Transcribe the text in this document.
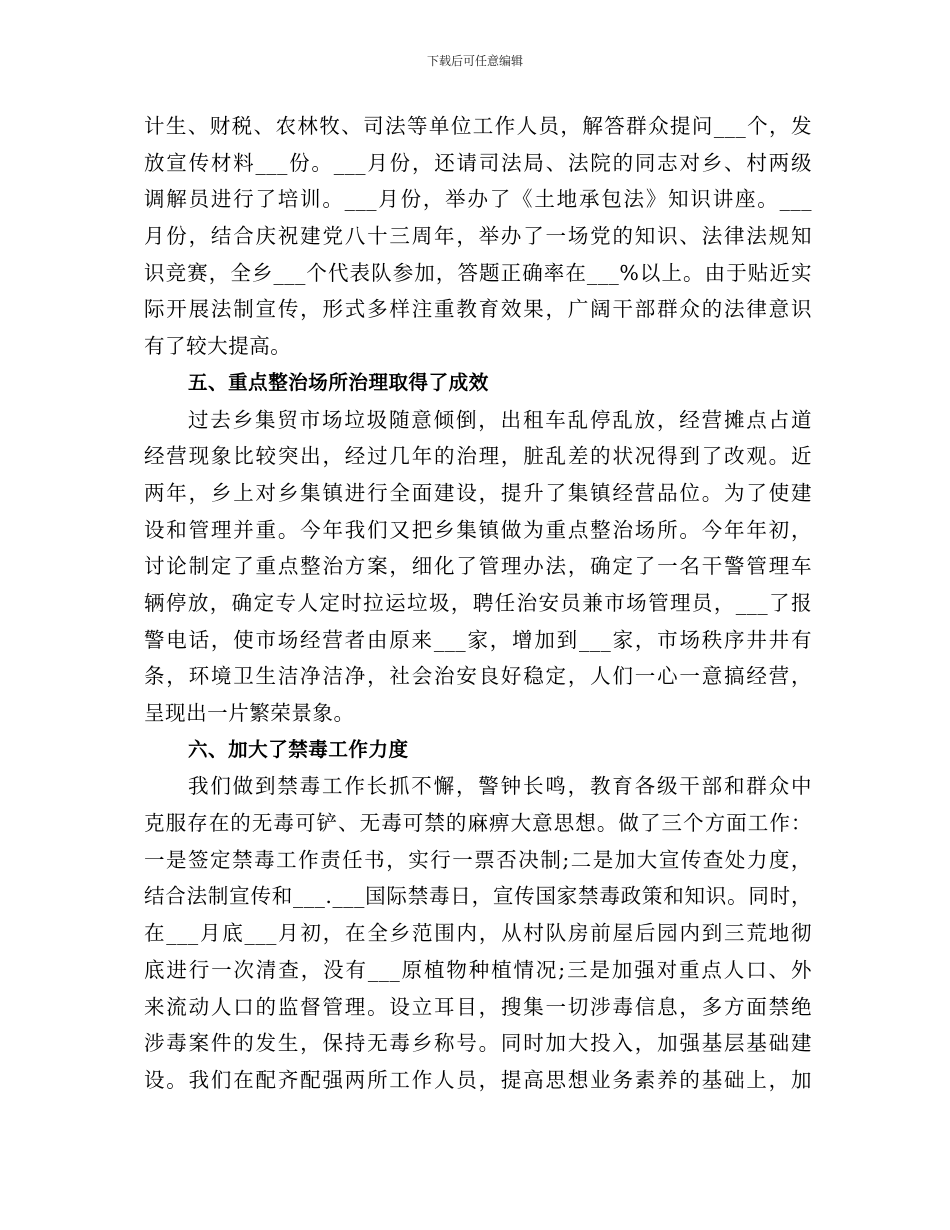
下载后可任意编辑
计生、财税、农林牧、司法等单位工作人员，解答群众提问___个，发
放宣传材料___份。___月份，还请司法局、法院的同志对乡、村两级
调解员进行了培训。___月份，举办了《土地承包法》知识讲座。___
月份，结合庆祝建党八十三周年，举办了一场党的知识、法律法规知
识竞赛，全乡___个代表队参加，答题正确率在___%以上。由于贴近实
际开展法制宣传，形式多样注重教育效果，广阔干部群众的法律意识
有了较大提高。
五、重点整治场所治理取得了成效
过去乡集贸市场垃圾随意倾倒，出租车乱停乱放，经营摊点占道
经营现象比较突出，经过几年的治理，脏乱差的状况得到了改观。近
两年，乡上对乡集镇进行全面建设，提升了集镇经营品位。为了使建
设和管理并重。今年我们又把乡集镇做为重点整治场所。今年年初，
讨论制定了重点整治方案，细化了管理办法，确定了一名干警管理车
辆停放，确定专人定时拉运垃圾，聘任治安员兼市场管理员，___了报
警电话，使市场经营者由原来___家，增加到___家，市场秩序井井有
条，环境卫生洁净洁净，社会治安良好稳定，人们一心一意搞经营，
呈现出一片繁荣景象。
六、加大了禁毒工作力度
我们做到禁毒工作长抓不懈，警钟长鸣，教育各级干部和群众中
克服存在的无毒可铲、无毒可禁的麻痹大意思想。做了三个方面工作：
一是签定禁毒工作责任书，实行一票否决制;二是加大宣传查处力度，
结合法制宣传和___.___国际禁毒日，宣传国家禁毒政策和知识。同时，
在___月底___月初，在全乡范围内，从村队房前屋后园内到三荒地彻
底进行一次清查，没有___原植物种植情况;三是加强对重点人口、外
来流动人口的监督管理。设立耳目，搜集一切涉毒信息，多方面禁绝
涉毒案件的发生，保持无毒乡称号。同时加大投入，加强基层基础建
设。我们在配齐配强两所工作人员，提高思想业务素养的基础上，加
